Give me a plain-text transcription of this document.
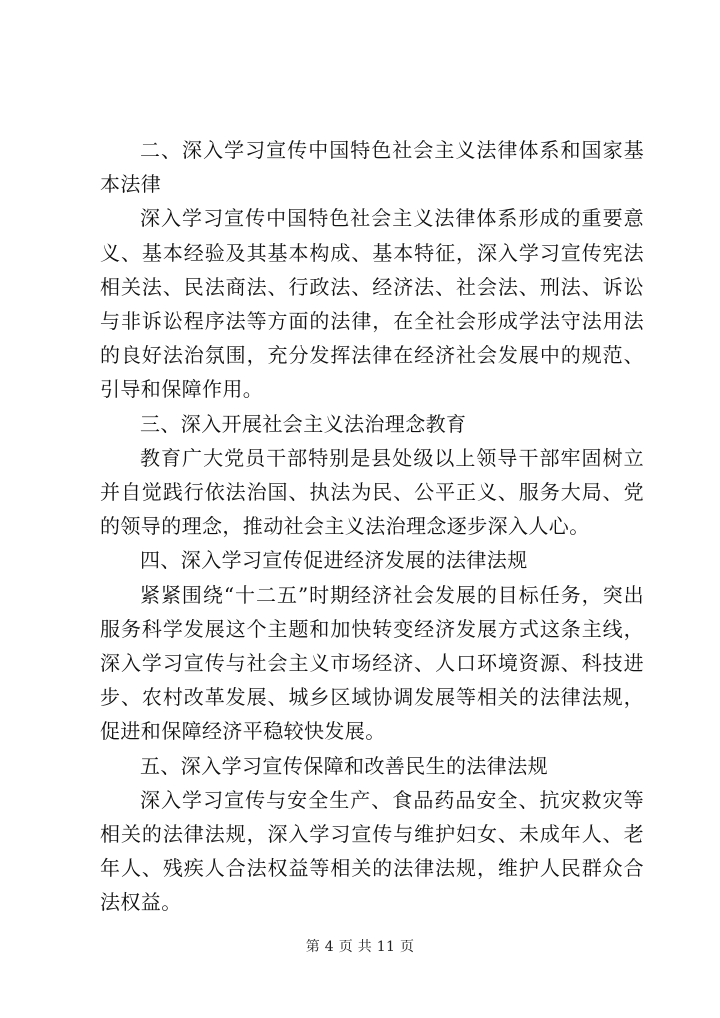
二、深入学习宣传中国特色社会主义法律体系和国家基本法律

深入学习宣传中国特色社会主义法律体系形成的重要意义、基本经验及其基本构成、基本特征，深入学习宣传宪法相关法、民法商法、行政法、经济法、社会法、刑法、诉讼与非诉讼程序法等方面的法律，在全社会形成学法守法用法的良好法治氛围，充分发挥法律在经济社会发展中的规范、引导和保障作用。

三、深入开展社会主义法治理念教育

教育广大党员干部特别是县处级以上领导干部牢固树立并自觉践行依法治国、执法为民、公平正义、服务大局、党的领导的理念，推动社会主义法治理念逐步深入人心。

四、深入学习宣传促进经济发展的法律法规

紧紧围绕“十二五”时期经济社会发展的目标任务，突出服务科学发展这个主题和加快转变经济发展方式这条主线，深入学习宣传与社会主义市场经济、人口环境资源、科技进步、农村改革发展、城乡区域协调发展等相关的法律法规，促进和保障经济平稳较快发展。

五、深入学习宣传保障和改善民生的法律法规

深入学习宣传与安全生产、食品药品安全、抗灾救灾等相关的法律法规，深入学习宣传与维护妇女、未成年人、老年人、残疾人合法权益等相关的法律法规，维护人民群众合法权益。

第 4 页 共 11 页
